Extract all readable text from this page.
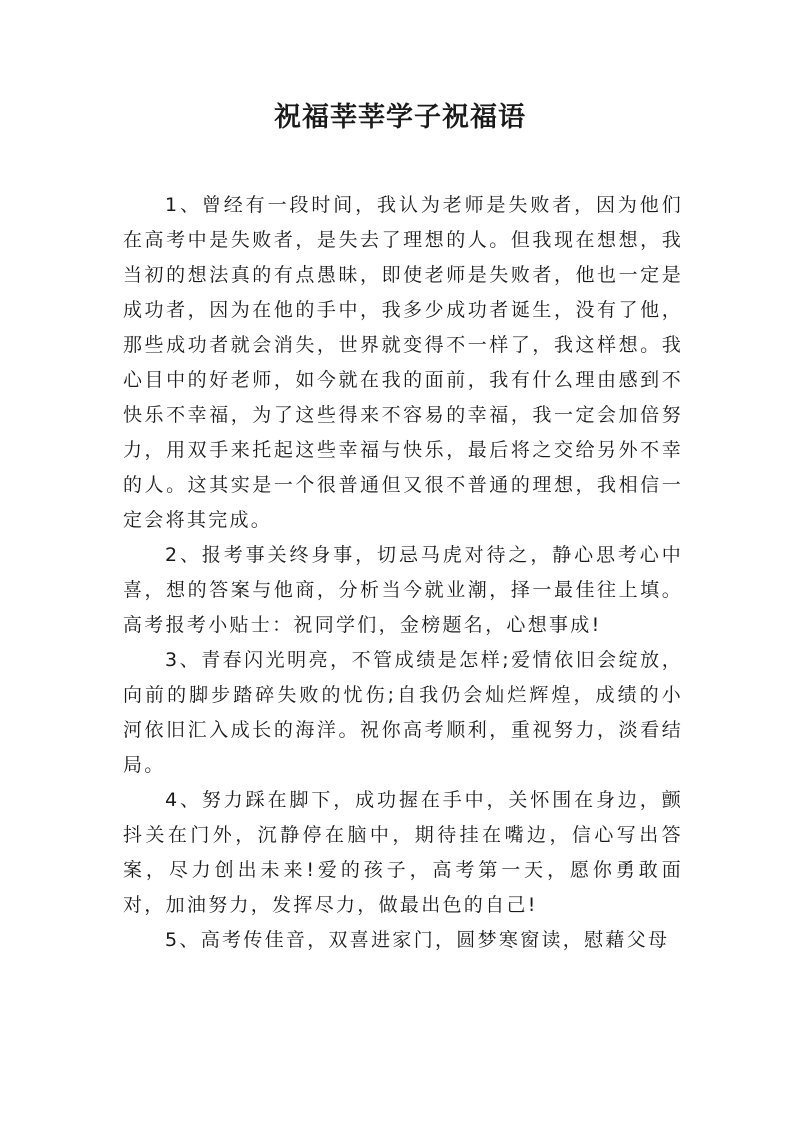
祝福莘莘学子祝福语

1、曾经有一段时间，我认为老师是失败者，因为他们在高考中是失败者，是失去了理想的人。但我现在想想，我当初的想法真的有点愚昧，即使老师是失败者，他也一定是成功者，因为在他的手中，我多少成功者诞生，没有了他，那些成功者就会消失，世界就变得不一样了，我这样想。我心目中的好老师，如今就在我的面前，我有什么理由感到不快乐不幸福，为了这些得来不容易的幸福，我一定会加倍努力，用双手来托起这些幸福与快乐，最后将之交给另外不幸的人。这其实是一个很普通但又很不普通的理想，我相信一定会将其完成。

2、报考事关终身事，切忌马虎对待之，静心思考心中喜，想的答案与他商，分析当今就业潮，择一最佳往上填。高考报考小贴士：祝同学们，金榜题名，心想事成!

3、青春闪光明亮，不管成绩是怎样;爱情依旧会绽放，向前的脚步踏碎失败的忧伤;自我仍会灿烂辉煌，成绩的小河依旧汇入成长的海洋。祝你高考顺利，重视努力，淡看结局。

4、努力踩在脚下，成功握在手中，关怀围在身边，颤抖关在门外，沉静停在脑中，期待挂在嘴边，信心写出答案，尽力创出未来!爱的孩子，高考第一天，愿你勇敢面对，加油努力，发挥尽力，做最出色的自己!

5、高考传佳音，双喜进家门，圆梦寒窗读，慰藉父母
